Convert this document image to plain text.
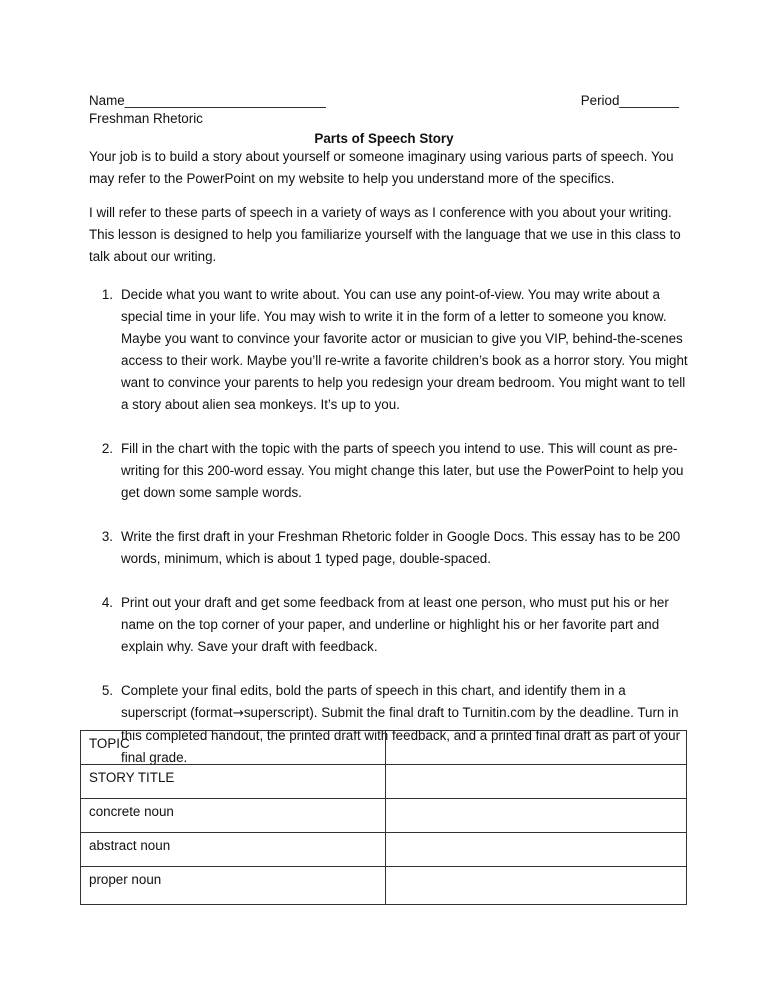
Name___________________________	Period________
Freshman Rhetoric
Parts of Speech Story

Your job is to build a story about yourself or someone imaginary using various parts of speech. You may refer to the PowerPoint on my website to help you understand more of the specifics.

I will refer to these parts of speech in a variety of ways as I conference with you about your writing. This lesson is designed to help you familiarize yourself with the language that we use in this class to talk about our writing.

1. Decide what you want to write about. You can use any point-of-view. You may write about a special time in your life. You may wish to write it in the form of a letter to someone you know. Maybe you want to convince your favorite actor or musician to give you VIP, behind-the-scenes access to their work. Maybe you’ll re-write a favorite children’s book as a horror story. You might want to convince your parents to help you redesign your dream bedroom. You might want to tell a story about alien sea monkeys. It’s up to you.
2. Fill in the chart with the topic with the parts of speech you intend to use. This will count as pre-writing for this 200-word essay. You might change this later, but use the PowerPoint to help you get down some sample words.
3. Write the first draft in your Freshman Rhetoric folder in Google Docs. This essay has to be 200 words, minimum, which is about 1 typed page, double-spaced.
4. Print out your draft and get some feedback from at least one person, who must put his or her name on the top corner of your paper, and underline or highlight his or her favorite part and explain why. Save your draft with feedback.
5. Complete your final edits, bold the parts of speech in this chart, and identify them in a superscript (format→superscript). Submit the final draft to Turnitin.com by the deadline. Turn in this completed handout, the printed draft with feedback, and a printed final draft as part of your final grade.
TOPIC	
STORY TITLE	
concrete noun	
abstract noun	
proper noun	
